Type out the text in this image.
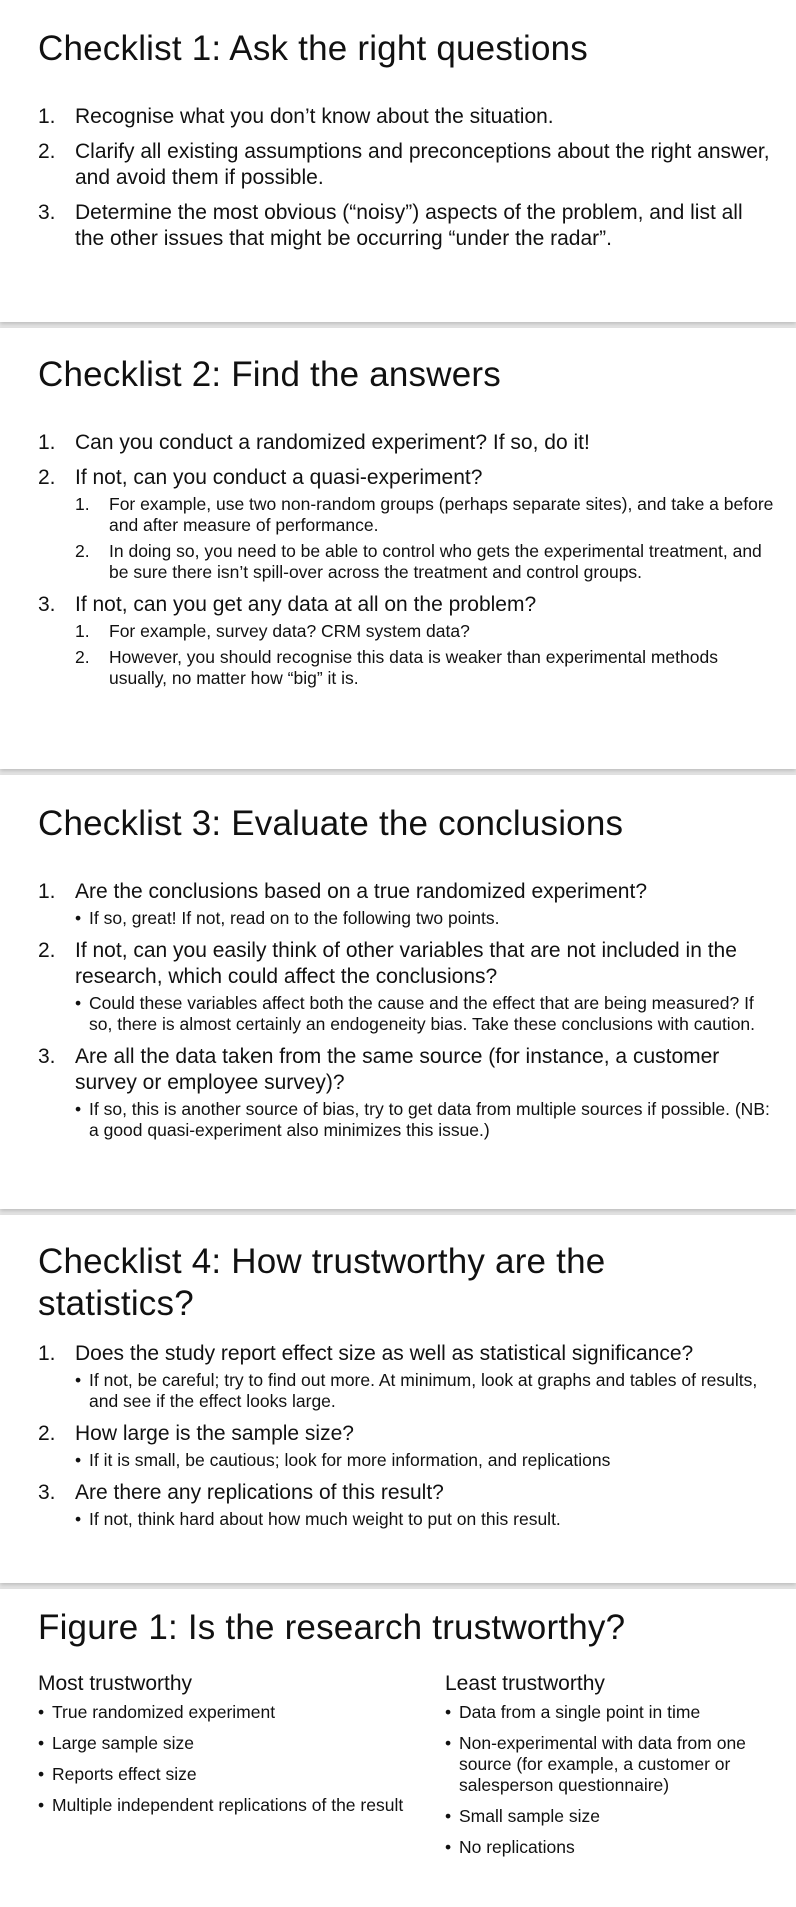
Checklist 1: Ask the right questions
1. Recognise what you don’t know about the situation.
2. Clarify all existing assumptions and preconceptions about the right answer, and avoid them if possible.
3. Determine the most obvious (“noisy”) aspects of the problem, and list all the other issues that might be occurring “under the radar”.
Checklist 2: Find the answers
1. Can you conduct a randomized experiment? If so, do it!
2. If not, can you conduct a quasi-experiment?
1. For example, use two non-random groups (perhaps separate sites), and take a before and after measure of performance.
2. In doing so, you need to be able to control who gets the experimental treatment, and be sure there isn’t spill-over across the treatment and control groups.
3. If not, can you get any data at all on the problem?
1. For example, survey data? CRM system data?
2. However, you should recognise this data is weaker than experimental methods usually, no matter how “big” it is.
Checklist 3: Evaluate the conclusions
1. Are the conclusions based on a true randomized experiment?
• If so, great! If not, read on to the following two points.
2. If not, can you easily think of other variables that are not included in the research, which could affect the conclusions?
• Could these variables affect both the cause and the effect that are being measured? If so, there is almost certainly an endogeneity bias. Take these conclusions with caution.
3. Are all the data taken from the same source (for instance, a customer survey or employee survey)?
• If so, this is another source of bias, try to get data from multiple sources if possible. (NB: a good quasi-experiment also minimizes this issue.)
Checklist 4: How trustworthy are the statistics?
1. Does the study report effect size as well as statistical significance?
• If not, be careful; try to find out more. At minimum, look at graphs and tables of results, and see if the effect looks large.
2. How large is the sample size?
• If it is small, be cautious; look for more information, and replications
3. Are there any replications of this result?
• If not, think hard about how much weight to put on this result.
Figure 1: Is the research trustworthy?
Most trustworthy
• True randomized experiment
• Large sample size
• Reports effect size
• Multiple independent replications of the result
Least trustworthy
• Data from a single point in time
• Non-experimental with data from one source (for example, a customer or salesperson questionnaire)
• Small sample size
• No replications
